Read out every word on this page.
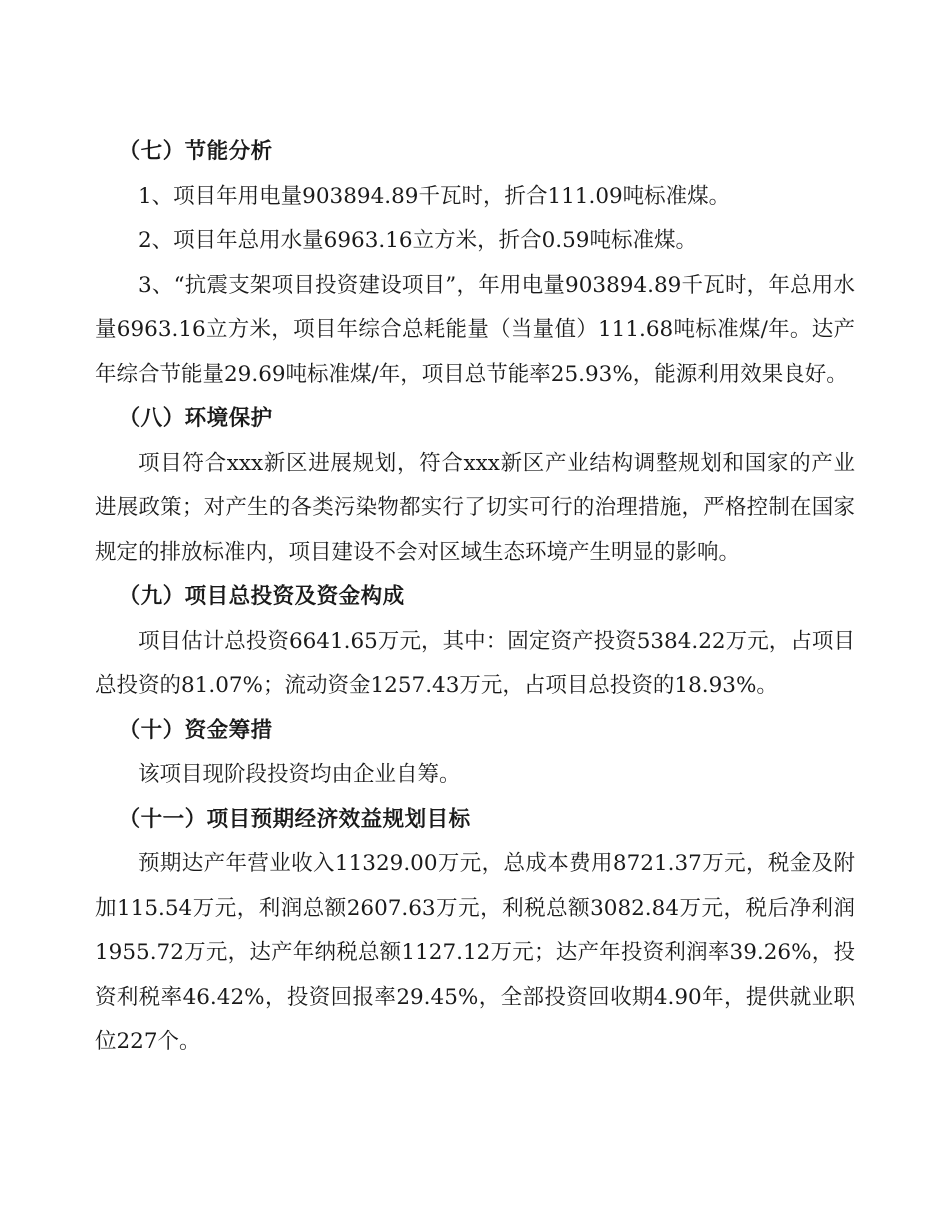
（七）节能分析

1、项目年用电量903894.89千瓦时，折合111.09吨标准煤。

2、项目年总用水量6963.16立方米，折合0.59吨标准煤。

3、“抗震支架项目投资建设项目”，年用电量903894.89千瓦时，年总用水量6963.16立方米，项目年综合总耗能量（当量值）111.68吨标准煤/年。达产年综合节能量29.69吨标准煤/年，项目总节能率25.93%，能源利用效果良好。

（八）环境保护

项目符合xxx新区进展规划，符合xxx新区产业结构调整规划和国家的产业进展政策；对产生的各类污染物都实行了切实可行的治理措施，严格控制在国家规定的排放标准内，项目建设不会对区域生态环境产生明显的影响。

（九）项目总投资及资金构成

项目估计总投资6641.65万元，其中：固定资产投资5384.22万元，占项目总投资的81.07%；流动资金1257.43万元，占项目总投资的18.93%。

（十）资金筹措

该项目现阶段投资均由企业自筹。

（十一）项目预期经济效益规划目标

预期达产年营业收入11329.00万元，总成本费用8721.37万元，税金及附加115.54万元，利润总额2607.63万元，利税总额3082.84万元，税后净利润1955.72万元，达产年纳税总额1127.12万元；达产年投资利润率39.26%，投资利税率46.42%，投资回报率29.45%，全部投资回收期4.90年，提供就业职位227个。
